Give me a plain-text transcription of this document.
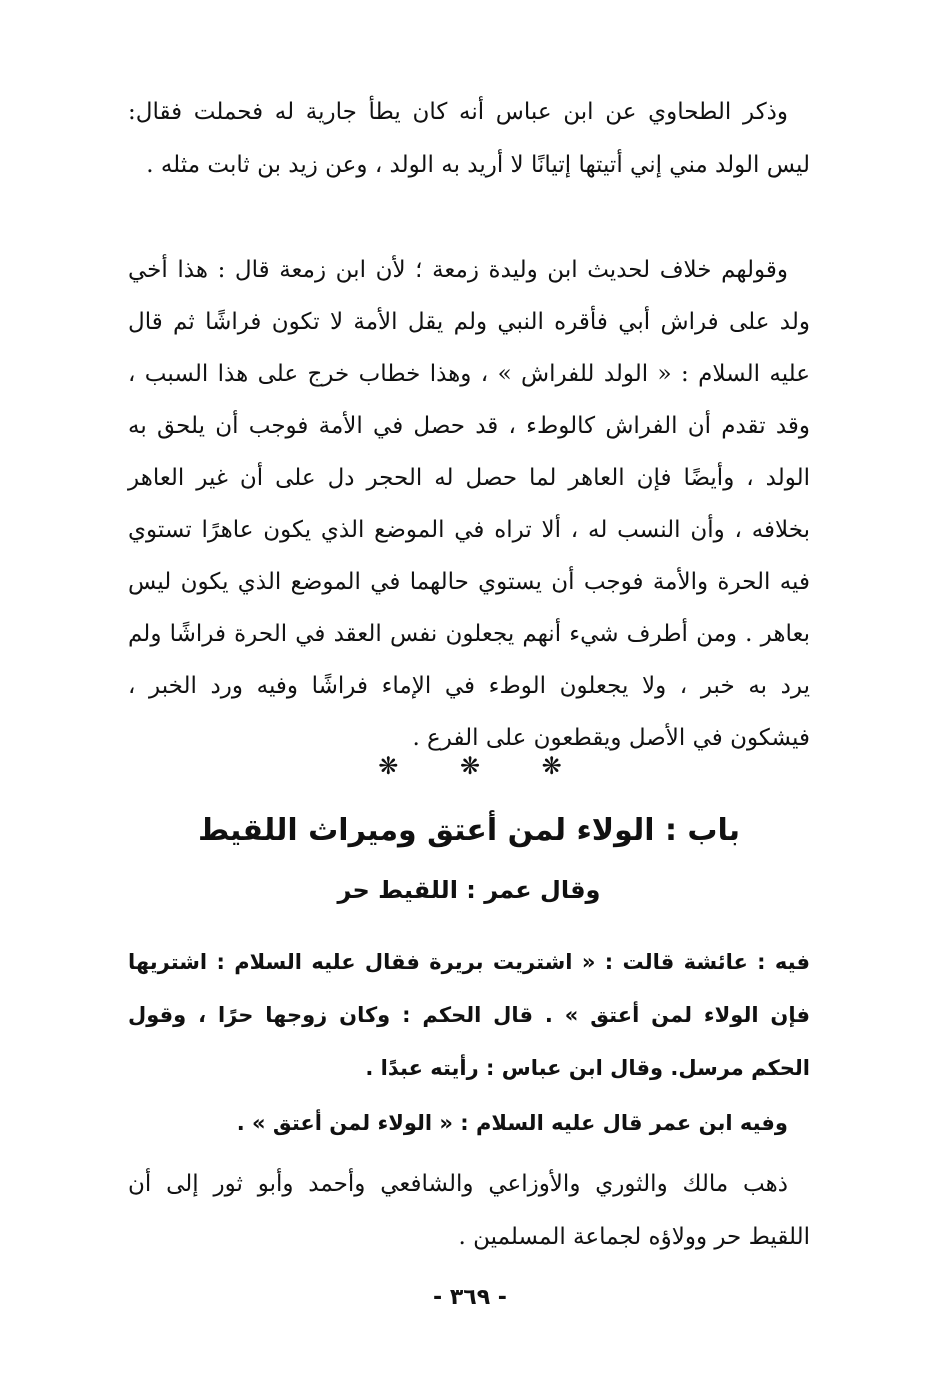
وذكر الطحاوي عن ابن عباس أنه كان يطأ جارية له فحملت فقال: ليس الولد مني إني أتيتها إتيانًا لا أريد به الولد ، وعن زيد بن ثابت مثله .

وقولهم خلاف لحديث ابن وليدة زمعة ؛ لأن ابن زمعة قال : هذا أخي ولد على فراش أبي فأقره النبي ولم يقل الأمة لا تكون فراشًا ثم قال عليه السلام : « الولد للفراش » ، وهذا خطاب خرج على هذا السبب ، وقد تقدم أن الفراش كالوطء ، قد حصل في الأمة فوجب أن يلحق به الولد ، وأيضًا فإن العاهر لما حصل له الحجر دل على أن غير العاهر بخلافه ، وأن النسب له ، ألا تراه في الموضع الذي يكون عاهرًا تستوي فيه الحرة والأمة فوجب أن يستوي حالهما في الموضع الذي يكون ليس بعاهر . ومن أطرف شيء أنهم يجعلون نفس العقد في الحرة فراشًا ولم يرد به خبر ، ولا يجعلون الوطء في الإماء فراشًا وفيه ورد الخبر ، فيشكون في الأصل ويقطعون على الفرع .

❋ ❋ ❋
باب : الولاء لمن أعتق وميراث اللقيط
وقال عمر : اللقيط حر

فيه : عائشة قالت : « اشتريت بريرة فقال عليه السلام : اشتريها فإن الولاء لمن أعتق » . قال الحكم : وكان زوجها حرًا ، وقول الحكم مرسل. وقال ابن عباس : رأيته عبدًا .

وفيه ابن عمر قال عليه السلام : « الولاء لمن أعتق » .

ذهب مالك والثوري والأوزاعي والشافعي وأحمد وأبو ثور إلى أن اللقيط حر وولاؤه لجماعة المسلمين .

- ٣٦٩ -
